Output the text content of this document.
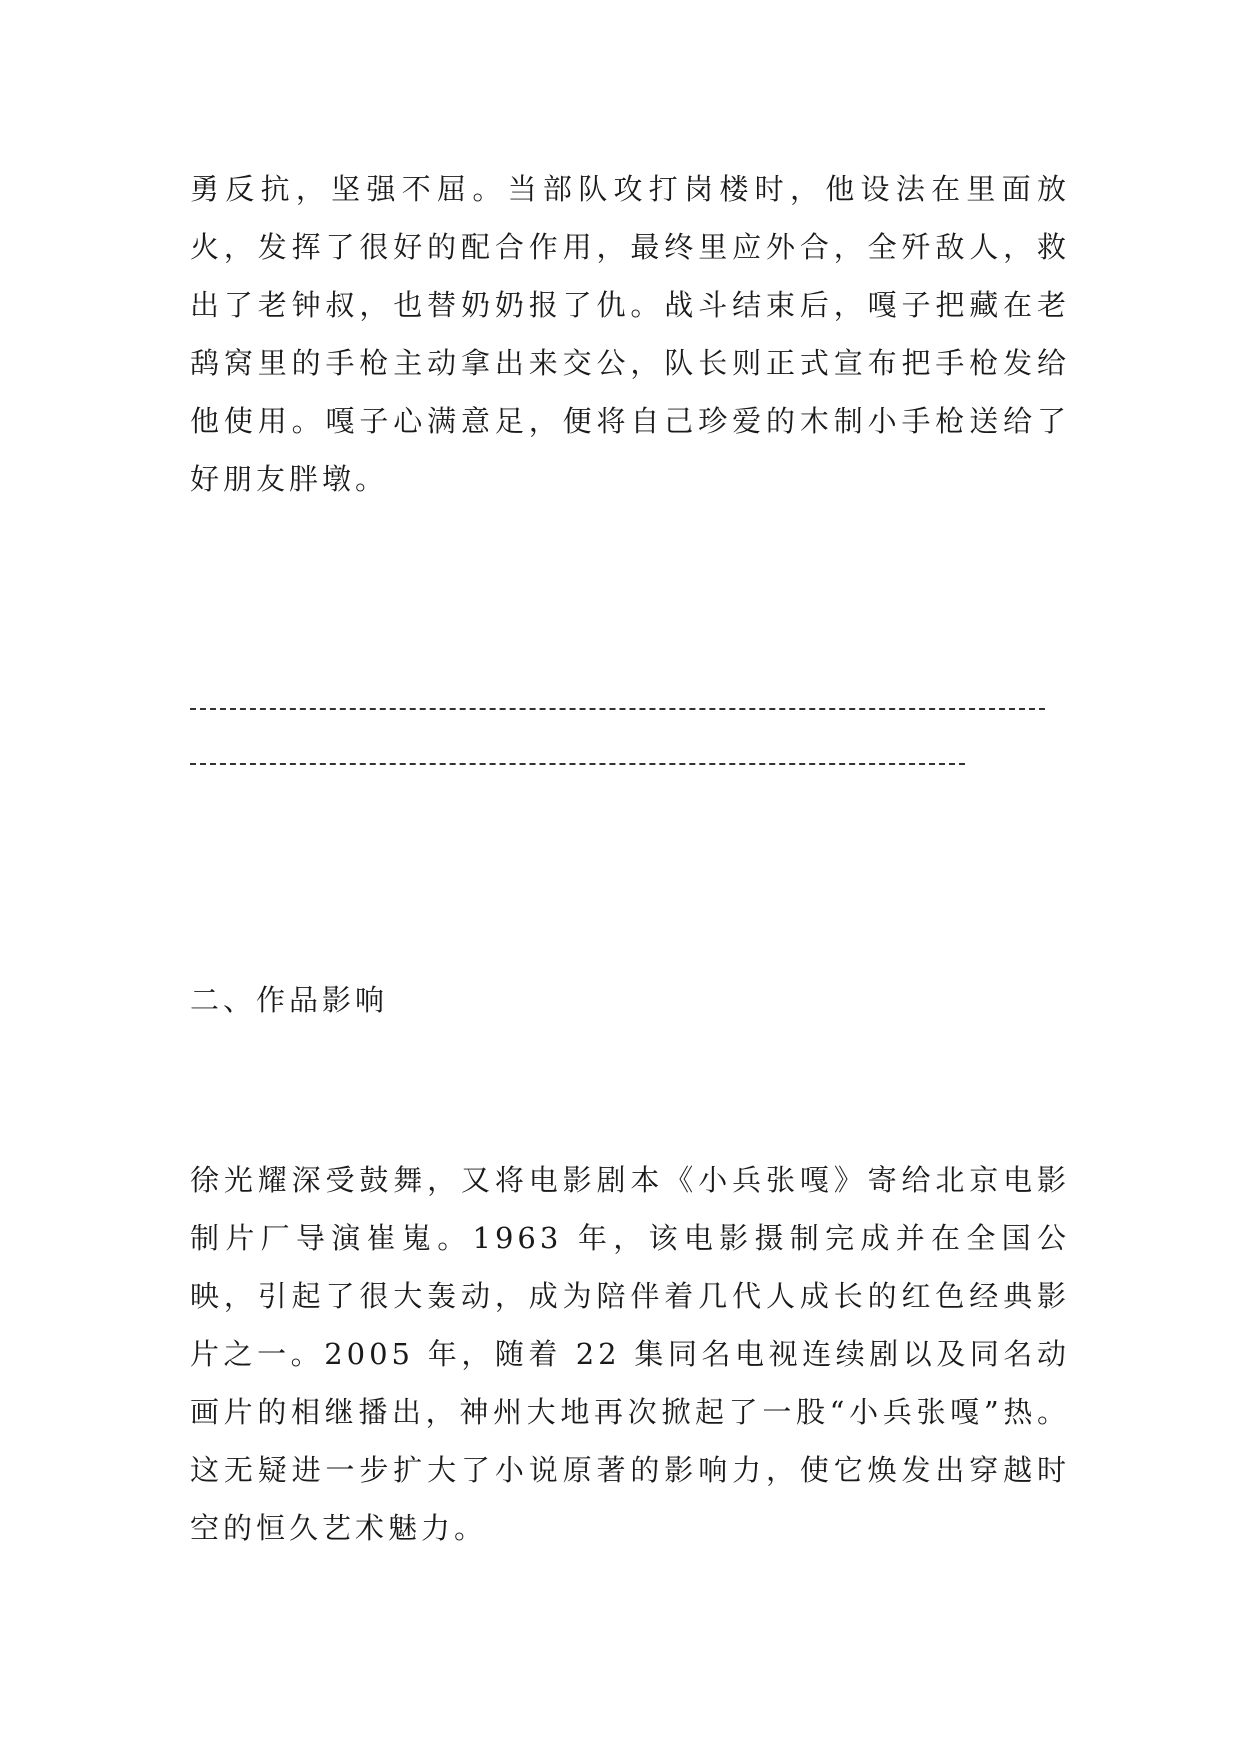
勇反抗，坚强不屈。当部队攻打岗楼时，他设法在里面放火，发挥了很好的配合作用，最终里应外合，全歼敌人，救出了老钟叔，也替奶奶报了仇。战斗结束后，嘎子把藏在老鸹窝里的手枪主动拿出来交公，队长则正式宣布把手枪发给他使用。嘎子心满意足，便将自己珍爱的木制小手枪送给了好朋友胖墩。

二、作品影响

徐光耀深受鼓舞，又将电影剧本《小兵张嘎》寄给北京电影制片厂导演崔嵬。1963 年，该电影摄制完成并在全国公映，引起了很大轰动，成为陪伴着几代人成长的红色经典影片之一。2005 年，随着 22 集同名电视连续剧以及同名动画片的相继播出，神州大地再次掀起了一股“小兵张嘎”热。这无疑进一步扩大了小说原著的影响力，使它焕发出穿越时空的恒久艺术魅力。
